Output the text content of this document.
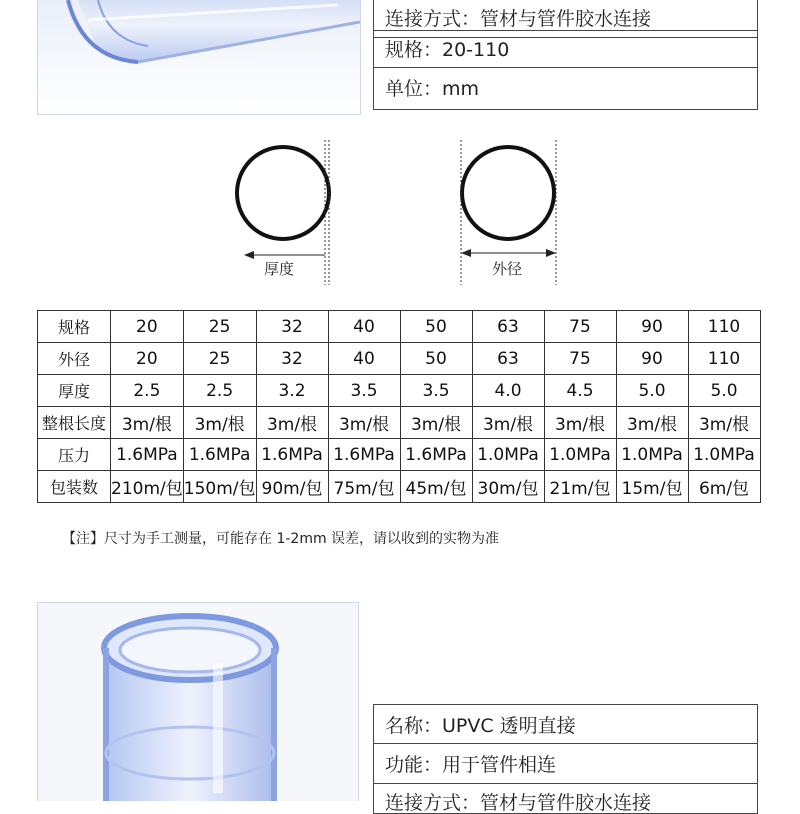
连接方式：管材与管件胶水连接
规格：20-110
单位：mm
厚度	外径
规格	20	25	32	40	50	63	75	90	110
外径	20	25	32	40	50	63	75	90	110
厚度	2.5	2.5	3.2	3.5	3.5	4.0	4.5	5.0	5.0
整根长度	3m/根	3m/根	3m/根	3m/根	3m/根	3m/根	3m/根	3m/根	3m/根
压力	1.6MPa	1.6MPa	1.6MPa	1.6MPa	1.6MPa	1.0MPa	1.0MPa	1.0MPa	1.0MPa
包装数	210m/包	150m/包	90m/包	75m/包	45m/包	30m/包	21m/包	15m/包	6m/包
【注】尺寸为手工测量，可能存在 1-2mm 误差，请以收到的实物为准
名称：UPVC 透明直接
功能：用于管件相连
连接方式：管材与管件胶水连接
